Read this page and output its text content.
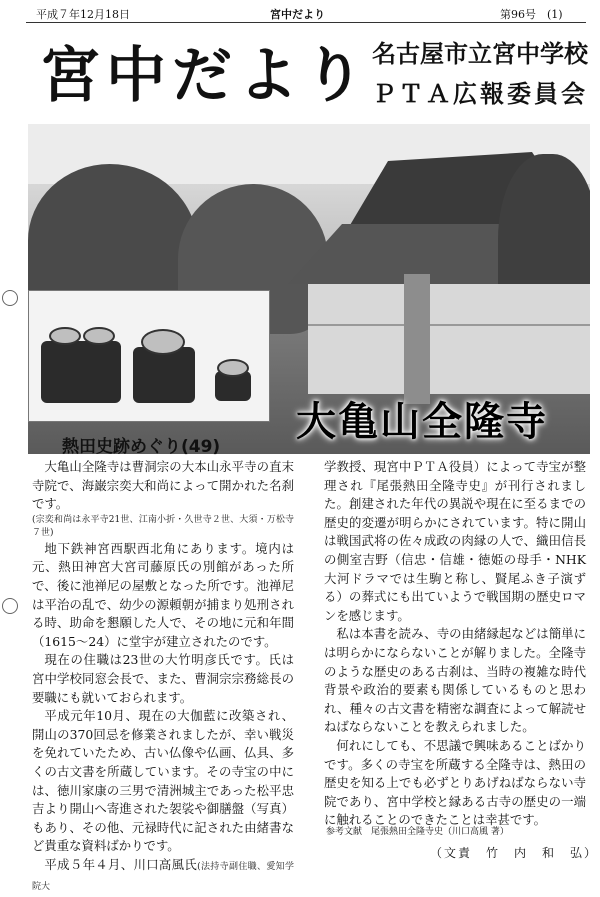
平成７年12月18日	宮中だより	第96号　(1)
宮中だより 名古屋市立宮中学校
ＰＴＡ広報委員会
大亀山全隆寺
熱田史跡めぐり(49)

大亀山全隆寺は曹洞宗の大本山永平寺の直末寺院で、海巌宗奕大和尚によって開かれた名刹です。

(宗奕和尚は永平寺21世、江南小折・久世寺２世、大須・万松寺７世)

地下鉄神宮西駅西北角にあります。境内は元、熱田神宮大宮司藤原氏の別館があった所で、後に池禅尼の屋敷となった所です。池禅尼は平治の乱で、幼少の源頼朝が捕まり処刑される時、助命を懇願した人で、その地に元和年間（1615～24）に堂宇が建立されたのです。

現在の住職は23世の大竹明彦氏です。氏は宮中学校同窓会長で、また、曹洞宗宗務総長の要職にも就いておられます。

平成元年10月、現在の大伽藍に改築され、開山の370回忌を修業されましたが、幸い戦災を免れていたため、古い仏像や仏画、仏具、多くの古文書を所蔵しています。その寺宝の中には、徳川家康の三男で清洲城主であった松平忠吉より開山へ寄進された袈裟や御膳盤（写真）もあり、その他、元禄時代に記された由緒書など貴重な資料ばかりです。

平成５年４月、川口高風氏(法持寺副住職、愛知学院大

学教授、現宮中ＰＴＡ役員）によって寺宝が整理され『尾張熱田全隆寺史』が刊行されました。創建された年代の異説や現在に至るまでの歴史的変遷が明らかにされています。特に開山は戦国武将の佐々成政の肉縁の人で、織田信長の側室吉野（信忠・信雄・徳姫の母手・NHK大河ドラマでは生駒と称し、賢尾ふき子演ずる）の葬式にも出ていようで戦国期の歴史ロマンを感じます。

私は本書を読み、寺の由緒縁起などは簡単には明らかにならないことが解りました。全隆寺のような歴史のある古刹は、当時の複雑な時代背景や政治的要素も関係しているものと思われ、種々の古文書を精密な調査によって解読せねばならないことを教えられました。

何れにしても、不思議で興味あることばかりです。多くの寺宝を所蔵する全隆寺は、熱田の歴史を知る上でも必ずとりあげねばならない寺院であり、宮中学校と縁ある古寺の歴史の一端に触れることのできたことは幸甚です。

参考文献　尾張熱田全隆寺史（川口高風 著）
（文責　竹　内　和　弘）
